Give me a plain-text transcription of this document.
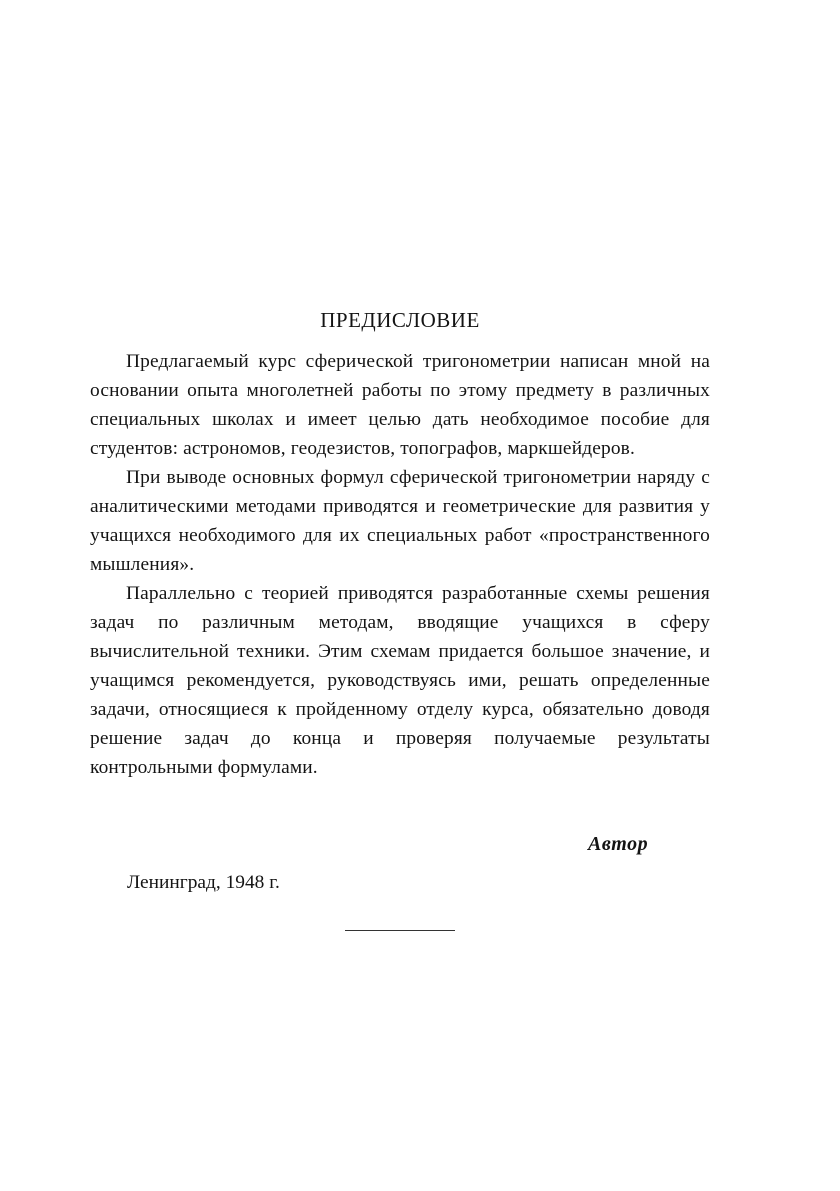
ПРЕДИСЛОВИЕ

Предлагаемый курс сферической тригонометрии написан мной на основании опыта многолетней работы по этому предмету в различных специальных школах и имеет целью дать необходимое пособие для студентов: астрономов, геодезистов, топографов, маркшейдеров.

При выводе основных формул сферической тригонометрии наряду с аналитическими методами приводятся и геометрические для развития у учащихся необходимого для их специальных работ «пространственного мышления».

Параллельно с теорией приводятся разработанные схемы решения задач по различным методам, вводящие учащихся в сферу вычислительной техники. Этим схемам придается большое значение, и учащимся рекомендуется, руководствуясь ими, решать определенные задачи, относящиеся к пройденному отделу курса, обязательно доводя решение задач до конца и проверяя получаемые результаты контрольными формулами.

Автор
Ленинград, 1948 г.
